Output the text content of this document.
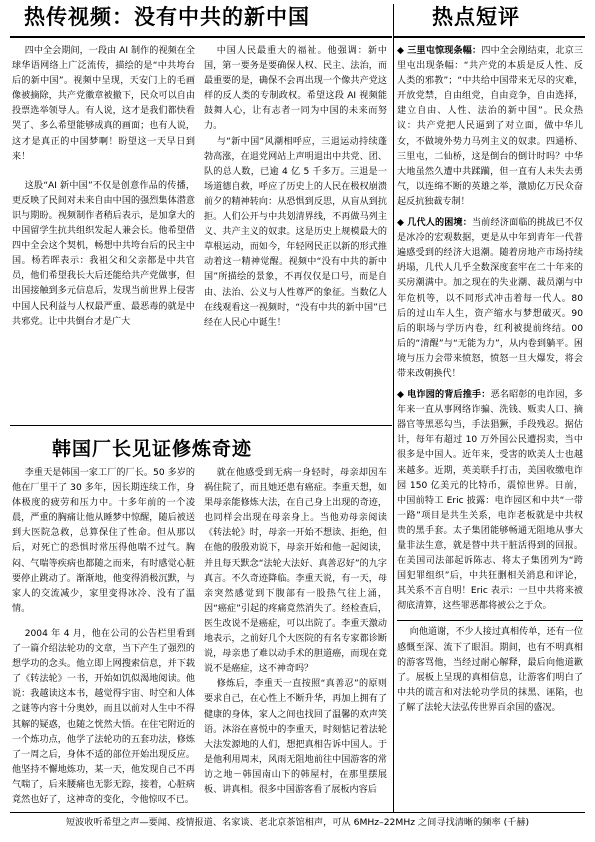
热传视频：没有中共的新中国	热点短评

四中全会期间，一段由 AI 制作的视频在全球华语网络上广泛流传，描绘的是“中共垮台后的新中国”。视频中呈现，天安门上的毛画像被摘除，共产党徽章被撤下，民众可以自由投票选举领导人。有人说，这才是我们都快看哭了、多么希望能够成真的画面；也有人说，这才是真正的中国梦啊！盼望这一天早日到来！

这股“AI 新中国”不仅是创意作品的传播，更反映了民间对未来自由中国的强烈集体潜意识与期盼。视频制作者稍后表示，是加拿大的中国留学生抗共组织发起人兼会长。他希望借四中全会这个契机，畅想中共垮台后的民主中国。杨若晖表示：我祖父和父亲都是中共官员，他们希望我长大后还能给共产党做事，但出国接触到多元信息后，发现当前世界上侵害中国人民利益与人权最严重、最恶毒的就是中共邪党。让中共倒台才是广大

中国人民最重大的福祉。他强调：新中国，第一要务是要确保人权、民主、法治，而最重要的是，确保不会再出现一个像共产党这样的反人类的专制政权。希望这段 AI 视频能鼓舞人心，让有志者一同为中国的未来而努力。

与“新中国”风潮相呼应，三退运动持续蓬勃高涨，在退党网站上声明退出中共党、团、队的总人数，已逾 4 亿 5 千多万。三退是一场道德自救，呼应了历史上的人民在极权崩溃前夕的精神转向：从恐惧到反思，从盲从到抗拒。人们公开与中共划清界线，不再做马列主义、共产主义的奴隶。这是历史上规模最大的草根运动，而如今，年轻网民正以新的形式推动着这一精神觉醒。视频中“没有中共的新中国”所描绘的景象，不再仅仅是口号，而是自由、法治、公义与人性尊严的象征。当数亿人在线观看这一视频时，“没有中共的新中国”已经在人民心中诞生！

韩国厂长见证修炼奇迹

李重天是韩国一家工厂的厂长。50 多岁的他在厂里干了 30 多年，因长期连续工作，身体极度的疲劳和压力中。十多年前的一个凌晨，严重的胸痛让他从睡梦中惊醒，随后被送到大医院急救，总算保住了性命。但从那以后，对死亡的恐惧时常压得他喘不过气。胸闷、气喘等疾病也都随之而来，有时感觉心脏要停止跳动了。渐渐地，他变得消极沉默，与家人的交流减少，家里变得冰冷、没有了温情。

2004 年 4 月，他在公司的公告栏里看到了一篇介绍法轮功的文章，当下产生了强烈的想学功的念头。他立即上网搜索信息，并下载了《转法轮》一书，开始如饥似渴地阅读。他说：我越读这本书，越觉得宇宙、时空和人体之谜等内容十分奥妙，而且以前对人生中不得其解的疑惑，也随之恍然大悟。在住宅附近的一个炼功点，他学了法轮功的五套功法，修炼了一周之后，身体不适的部位开始出现反应。他坚持不懈地炼功，某一天，他发现自己不再气喘了，后来腰痛也无影无踪，接着，心脏病竟然也好了，这神奇的变化，令他惊叹不已。

就在他感受到无病一身轻时，母亲却因车祸住院了，而且她还患有癌症。李重天想，如果母亲能修炼大法，在自己身上出现的奇迹，也同样会出现在母亲身上。当他劝母亲阅读《转法轮》时，母亲一开始不想读、拒绝，但在他的殷殷劝说下，母亲开始和他一起阅读，并且每天默念“法轮大法好、真善忍好”的九字真言。不久奇迹降临。李重天说，有一天，母亲突然感觉到下腹部有一股热气往上涌，因“癌症”引起的疼痛竟然消失了。经检查后，医生改说不是癌症，可以出院了。李重天激动地表示，之前好几个大医院的有名专家都诊断说，母亲患了难以动手术的胆道癌，而现在竟说不是癌症，这不神奇吗？

修炼后，李重天一直按照“真善忍”的原则要求自己，在心性上不断升华，再加上拥有了健康的身体，家人之间也找回了温馨的欢声笑语。沐浴在喜悦中的李重天，时刻惦记着法轮大法发源地的人们，想把真相告诉中国人。于是他利用周末，风雨无阻地前往中国游客的常访之地－韩国南山下的韩屋村，在那里摆展板、讲真相。很多中国游客看了展板内容后

◆ 三里屯惊现条幅：四中全会刚结束，北京三里屯出现条幅：“共产党的本质是反人性、反人类的邪教”；“中共给中国带来无尽的灾难，开放党禁，自由组党，自由竞争，自由选择，建立自由、人性、法治的新中国”。民众热议：共产党把人民逼到了对立面，做中华儿女，不做境外势力马列主义的奴隶。四通桥、三里屯，二仙桥，这是倒台的倒计时吗？中华大地虽然久遭中共蹂躏，但一直有人未失去勇气，以连绵不断的英雄之举，激励亿万民众奋起反抗独裁专制！

◆ 几代人的困境：当前经济面临的挑战已不仅是冰冷的宏观数据，更是从中年到青年一代普遍感受到的经济大退潮。随着房地产市场持续坍塌，几代人几乎全数深度套牢在二十年来的买房潮满中。加之现在的失业潮、裁员潮与中年危机等，以不同形式冲击着每一代人。80 后的过山车人生，资产缩水与梦想破灭。90 后的职场与学历内卷，红利被提前终结。00 后的“清醒”与“无能为力”，从内卷到躺平。困境与压力会带来愤怒，愤怒一旦大爆发，将会带来改朝换代！

◆ 电诈园的背后推手：恶名昭彰的电诈园，多年来一直从事网络诈骗、洗钱、贩卖人口、摘器官等黑恶勾当，手法猖獗，手段残忍。据估计，每年有超过 10 万外国公民遭拐卖，当中很多是中国人。近年来，受害的欧美人士也越来越多。近期，英美联手打击，美国收缴电诈园 150 亿美元的比特币，震惊世界。日前，中国前特工 Eric 披露：电诈园区和中共“一带一路”项目是共生关系，电诈老板就是中共权贵的黑手套。太子集团能够畅通无阻地从事大量非法生意，就是替中共干脏活得到的回报。在美国司法部起诉陈志、将太子集团列为“跨国犯罪组织”后，中共狂删相关消息和评论，其关系不言自明！Eric 表示：一旦中共将来被彻底清算，这些罪恶都将被公之于众。

向他道谢，不少人接过真相传单，还有一位感慨至深、流下了眼泪。期间，也有不明真相的游客骂他，当经过耐心解释，最后向他道歉了。展板上呈现的真相信息，让游客们明白了中共的谎言和对法轮功学员的抹黑、诬陷，也了解了法轮大法弘传世界百余国的盛况。

短波收听希望之声—要闻、疫情报道、名家谈、老北京茶馆相声，可从 6MHz–22MHz 之间寻找清晰的频率 (千赫)
